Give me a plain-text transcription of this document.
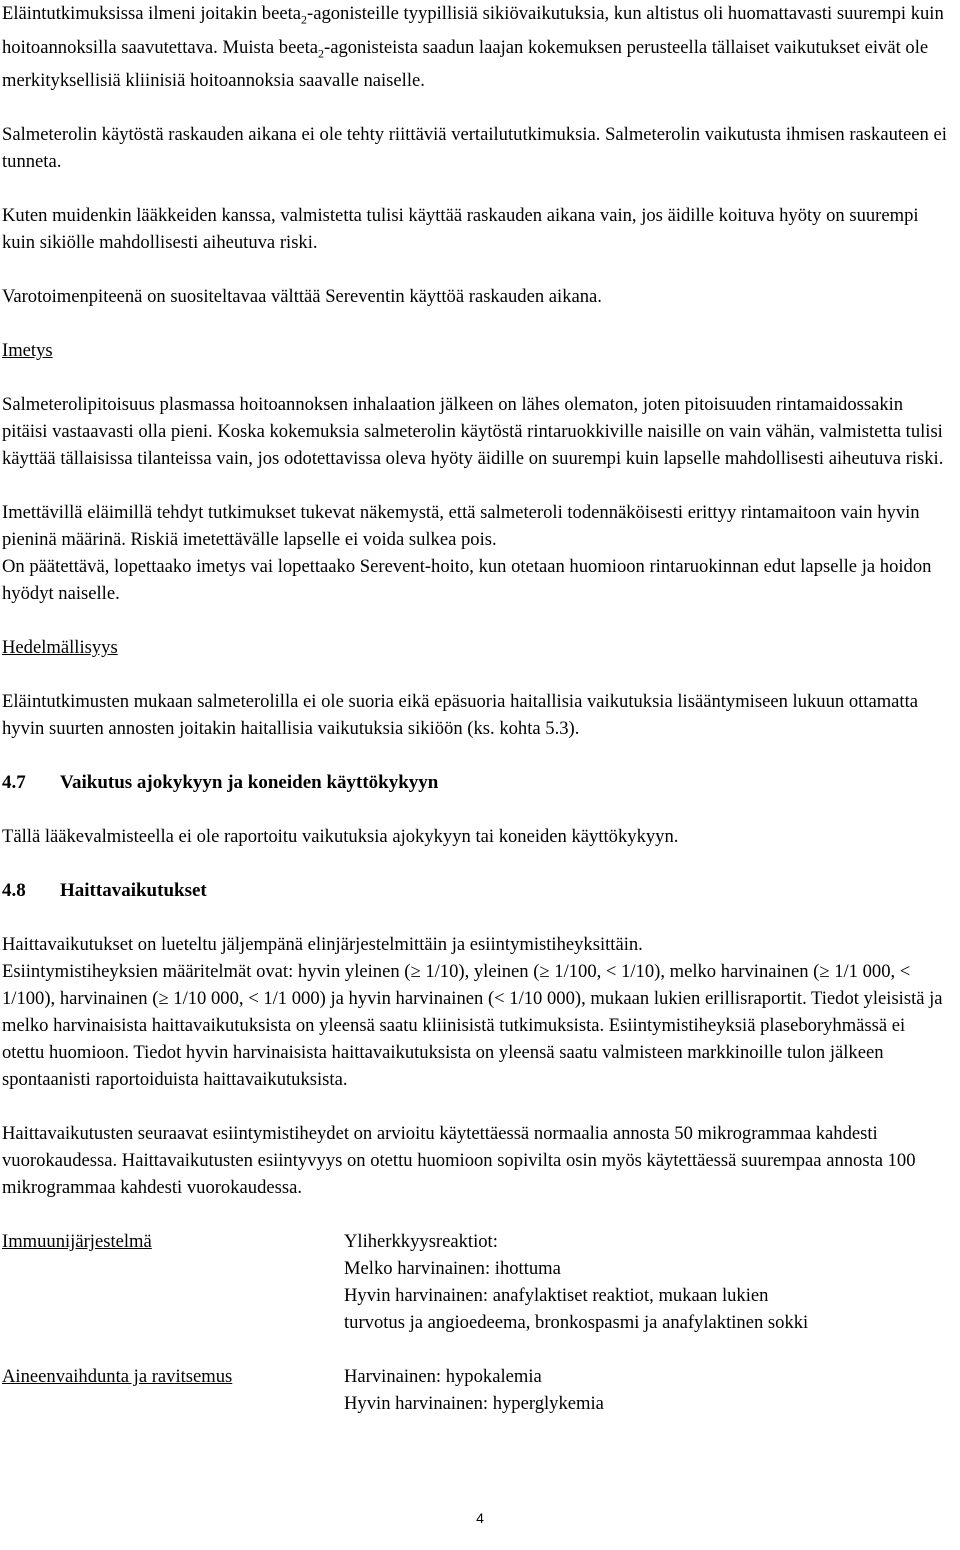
Eläintutkimuksissa ilmeni joitakin beeta$_2$-agonisteille tyypillisiä sikiövaikutuksia, kun altistus oli huomattavasti suurempi kuin hoitoannoksilla saavutettava. Muista beeta$_2$-agonisteista saadun laajan kokemuksen perusteella tällaiset vaikutukset eivät ole merkityksellisiä kliinisiä hoitoannoksia saavalle naiselle.

Salmeterolin käytöstä raskauden aikana ei ole tehty riittäviä vertailututkimuksia. Salmeterolin vaikutusta ihmisen raskauteen ei tunneta.

Kuten muidenkin lääkkeiden kanssa, valmistetta tulisi käyttää raskauden aikana vain, jos äidille koituva hyöty on suurempi kuin sikiölle mahdollisesti aiheutuva riski.

Varotoimenpiteenä on suositeltavaa välttää Sereventin käyttöä raskauden aikana.

Imetys

Salmeterolipitoisuus plasmassa hoitoannoksen inhalaation jälkeen on lähes olematon, joten pitoisuuden rintamaidossakin pitäisi vastaavasti olla pieni. Koska kokemuksia salmeterolin käytöstä rintaruokkiville naisille on vain vähän, valmistetta tulisi käyttää tällaisissa tilanteissa vain, jos odotettavissa oleva hyöty äidille on suurempi kuin lapselle mahdollisesti aiheutuva riski.

Imettävillä eläimillä tehdyt tutkimukset tukevat näkemystä, että salmeteroli todennäköisesti erittyy rintamaitoon vain hyvin pieninä määrinä. Riskiä imetettävälle lapselle ei voida sulkea pois.

On päätettävä, lopettaako imetys vai lopettaako Serevent-hoito, kun otetaan huomioon rintaruokinnan edut lapselle ja hoidon hyödyt naiselle.

Hedelmällisyys

Eläintutkimusten mukaan salmeterolilla ei ole suoria eikä epäsuoria haitallisia vaikutuksia lisääntymiseen lukuun ottamatta hyvin suurten annosten joitakin haitallisia vaikutuksia sikiöön (ks. kohta 5.3).

4.7 Vaikutus ajokykyyn ja koneiden käyttökykyyn

Tällä lääkevalmisteella ei ole raportoitu vaikutuksia ajokykyyn tai koneiden käyttökykyyn.

4.8 Haittavaikutukset

Haittavaikutukset on lueteltu jäljempänä elinjärjestelmittäin ja esiintymistiheyksittäin.

Esiintymistiheyksien määritelmät ovat: hyvin yleinen (≥ 1/10), yleinen (≥ 1/100, < 1/10), melko harvinainen (≥ 1/1 000, < 1/100), harvinainen (≥ 1/10 000, < 1/1 000) ja hyvin harvinainen (< 1/10 000), mukaan lukien erillisraportit. Tiedot yleisistä ja melko harvinaisista haittavaikutuksista on yleensä saatu kliinisistä tutkimuksista. Esiintymistiheyksiä plaseboryhmässä ei otettu huomioon. Tiedot hyvin harvinaisista haittavaikutuksista on yleensä saatu valmisteen markkinoille tulon jälkeen spontaanisti raportoiduista haittavaikutuksista.

Haittavaikutusten seuraavat esiintymistiheydet on arvioitu käytettäessä normaalia annosta 50 mikrogrammaa kahdesti vuorokaudessa. Haittavaikutusten esiintyvyys on otettu huomioon sopivilta osin myös käytettäessä suurempaa annosta 100 mikrogrammaa kahdesti vuorokaudessa.

Immuunijärjestelmä	Yliherkkyysreaktiot:
Melko harvinainen: ihottuma
Hyvin harvinainen: anafylaktiset reaktiot, mukaan lukien
turvotus ja angioedeema, bronkospasmi ja anafylaktinen sokki
Aineenvaihdunta ja ravitsemus	Harvinainen: hypokalemia
Hyvin harvinainen: hyperglykemia
4
